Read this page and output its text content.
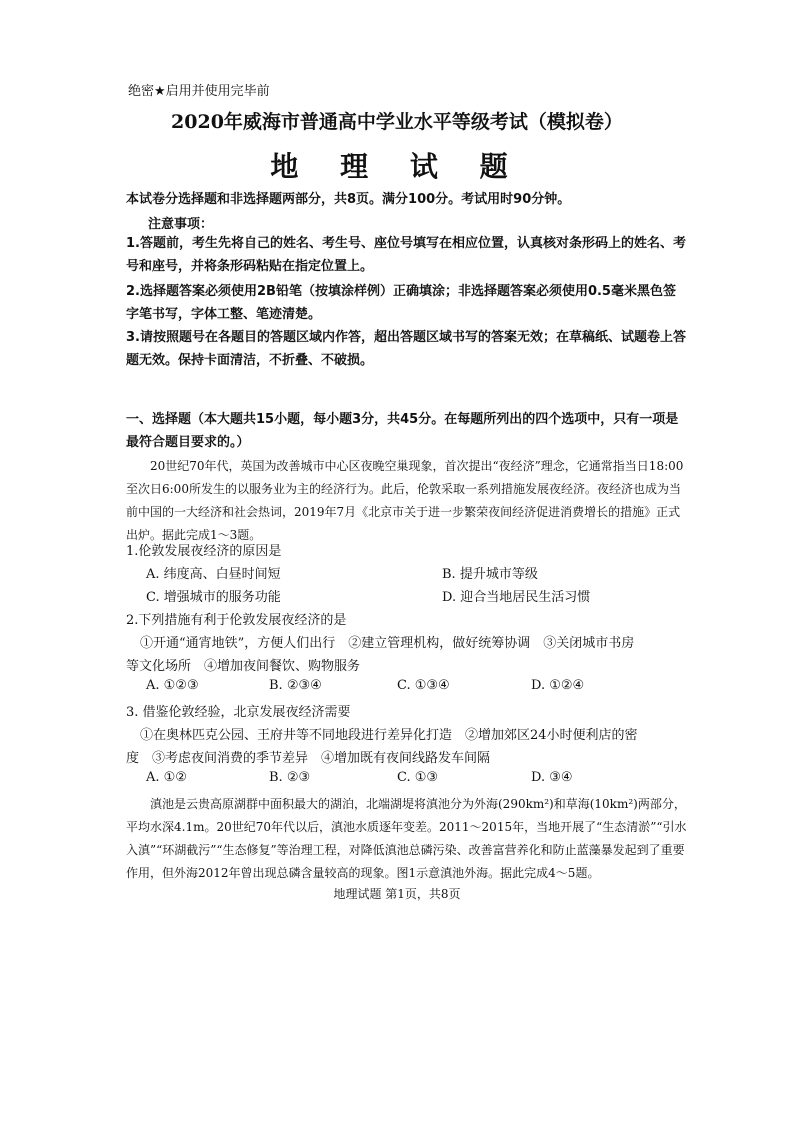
绝密★启用并使用完毕前
2020年威海市普通高中学业水平等级考试（模拟卷）
地 理 试 题
本试卷分选择题和非选择题两部分，共8页。满分100分。考试用时90分钟。
注意事项：
1.答题前，考生先将自己的姓名、考生号、座位号填写在相应位置，认真核对条形码上的姓名、考号和座号，并将条形码粘贴在指定位置上。
2.选择题答案必须使用2B铅笔（按填涂样例）正确填涂；非选择题答案必须使用0.5毫米黑色签字笔书写，字体工整、笔迹清楚。
3.请按照题号在各题目的答题区域内作答，超出答题区域书写的答案无效；在草稿纸、试题卷上答题无效。保持卡面清洁，不折叠、不破损。
一、选择题（本大题共15小题，每小题3分，共45分。在每题所列出的四个选项中，只有一项是最符合题目要求的。）
20世纪70年代，英国为改善城市中心区夜晚空巢现象，首次提出“夜经济”理念，它通常指当日18:00至次日6:00所发生的以服务业为主的经济行为。此后，伦敦采取一系列措施发展夜经济。夜经济也成为当前中国的一大经济和社会热词，2019年7月《北京市关于进一步繁荣夜间经济促进消费增长的措施》正式出炉。据此完成1～3题。
1.伦敦发展夜经济的原因是
A. 纬度高、白昼时间短	B. 提升城市等级
C. 增强城市的服务功能	D. 迎合当地居民生活习惯
2.下列措施有利于伦敦发展夜经济的是
①开通“通宵地铁”，方便人们出行　②建立管理机构，做好统筹协调　③关闭城市书房
等文化场所　④增加夜间餐饮、购物服务
A. ①②③	B. ②③④	C. ①③④	D. ①②④
3. 借鉴伦敦经验，北京发展夜经济需要
①在奥林匹克公园、王府井等不同地段进行差异化打造　②增加郊区24小时便利店的密
度　③考虑夜间消费的季节差异　④增加既有夜间线路发车间隔
A. ①②	B. ②③	C. ①③	D. ③④
滇池是云贵高原湖群中面积最大的湖泊，北端湖堤将滇池分为外海(290km²)和草海(10km²)两部分，平均水深4.1m。20世纪70年代以后，滇池水质逐年变差。2011～2015年，当地开展了“生态清淤”“引水入滇”“环湖截污”“生态修复”等治理工程，对降低滇池总磷污染、改善富营养化和防止蓝藻暴发起到了重要作用，但外海2012年曾出现总磷含量较高的现象。图1示意滇池外海。据此完成4～5题。
地理试题 第1页，共8页
